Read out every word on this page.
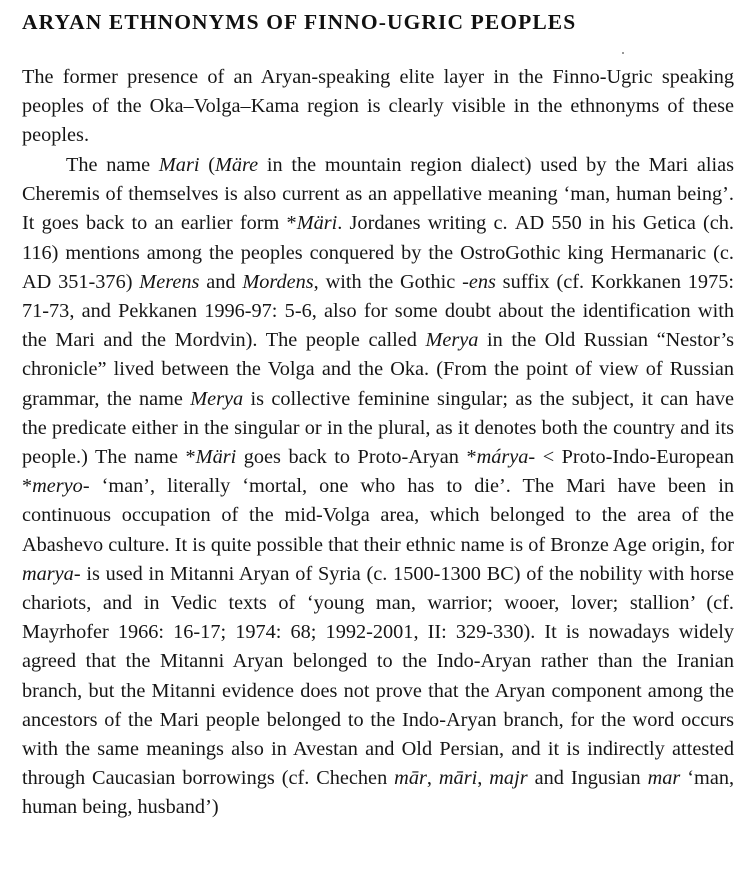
ARYAN ETHNONYMS OF FINNO-UGRIC PEOPLES

The former presence of an Aryan-speaking elite layer in the Finno-Ugric speaking peoples of the Oka–Volga–Kama region is clearly visible in the ethnonyms of these peoples.

The name Mari (Märe in the mountain region dialect) used by the Mari alias Cheremis of themselves is also current as an appellative meaning ‘man, human being’. It goes back to an earlier form *Märi. Jordanes writing c. AD 550 in his Getica (ch. 116) mentions among the peoples conquered by the OstroGothic king Hermanaric (c. AD 351-376) Merens and Mordens, with the Gothic -ens suffix (cf. Korkkanen 1975: 71-73, and Pekkanen 1996-97: 5-6, also for some doubt about the identification with the Mari and the Mordvin). The people called Merya in the Old Russian “Nestor’s chronicle” lived between the Volga and the Oka. (From the point of view of Russian grammar, the name Merya is collective feminine singular; as the subject, it can have the predicate either in the singular or in the plural, as it denotes both the country and its people.) The name *Märi goes back to Proto-Aryan *márya- < Proto-Indo-European *meryo- ‘man’, literally ‘mortal, one who has to die’. The Mari have been in continuous occupation of the mid-Volga area, which belonged to the area of the Abashevo culture. It is quite possible that their ethnic name is of Bronze Age origin, for marya- is used in Mitanni Aryan of Syria (c. 1500-1300 BC) of the nobility with horse chariots, and in Vedic texts of ‘young man, warrior; wooer, lover; stallion’ (cf. Mayrhofer 1966: 16-17; 1974: 68; 1992-2001, II: 329-330). It is nowadays widely agreed that the Mitanni Aryan belonged to the Indo-Aryan rather than the Iranian branch, but the Mitanni evidence does not prove that the Aryan component among the ancestors of the Mari people belonged to the Indo-Aryan branch, for the word occurs with the same meanings also in Avestan and Old Persian, and it is indirectly attested through Caucasian borrowings (cf. Chechen mār, māri, majr and Ingusian mar ‘man, human being, husband’)
